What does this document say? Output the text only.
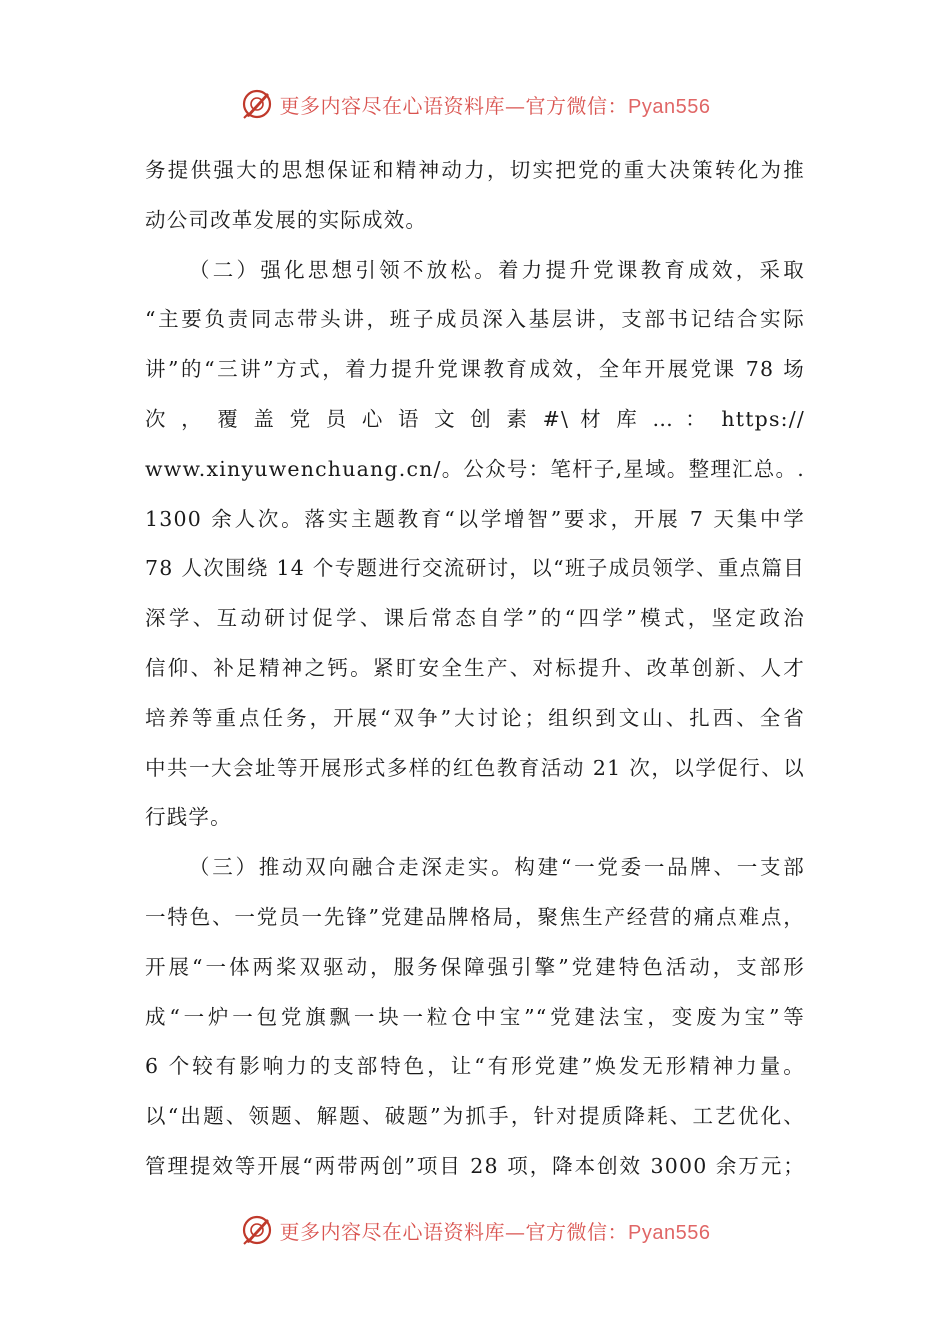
更多内容尽在心语资料库—官方微信：Pyan556
务提供强大的思想保证和精神动力，切实把党的重大决策转化为推
动公司改革发展的实际成效。
（二）强化思想引领不放松。着力提升党课教育成效，采取
“主要负责同志带头讲，班子成员深入基层讲，支部书记结合实际
讲”的“三讲”方式，着力提升党课教育成效，全年开展党课 78 场
次 ， 覆 盖 党 员 心 语 文 创 素 #\ 材 库 … ： https://
www.xinyuwenchuang.cn/。公众号：笔杆子,星域。整理汇总。.
1300 余人次。落实主题教育“以学增智”要求，开展 7 天集中学
78 人次围绕 14 个专题进行交流研讨，以“班子成员领学、重点篇目
深学、互动研讨促学、课后常态自学”的“四学”模式，坚定政治
信仰、补足精神之钙。紧盯安全生产、对标提升、改革创新、人才
培养等重点任务，开展“双争”大讨论；组织到文山、扎西、全省
中共一大会址等开展形式多样的红色教育活动 21 次，以学促行、以
行践学。
（三）推动双向融合走深走实。构建“一党委一品牌、一支部
一特色、一党员一先锋”党建品牌格局，聚焦生产经营的痛点难点，
开展“一体两桨双驱动，服务保障强引擎”党建特色活动，支部形
成“一炉一包党旗飘一块一粒仓中宝”“党建法宝，变废为宝”等
6 个较有影响力的支部特色，让“有形党建”焕发无形精神力量。
以“出题、领题、解题、破题”为抓手，针对提质降耗、工艺优化、
管理提效等开展“两带两创”项目 28 项，降本创效 3000 余万元；
更多内容尽在心语资料库—官方微信：Pyan556
